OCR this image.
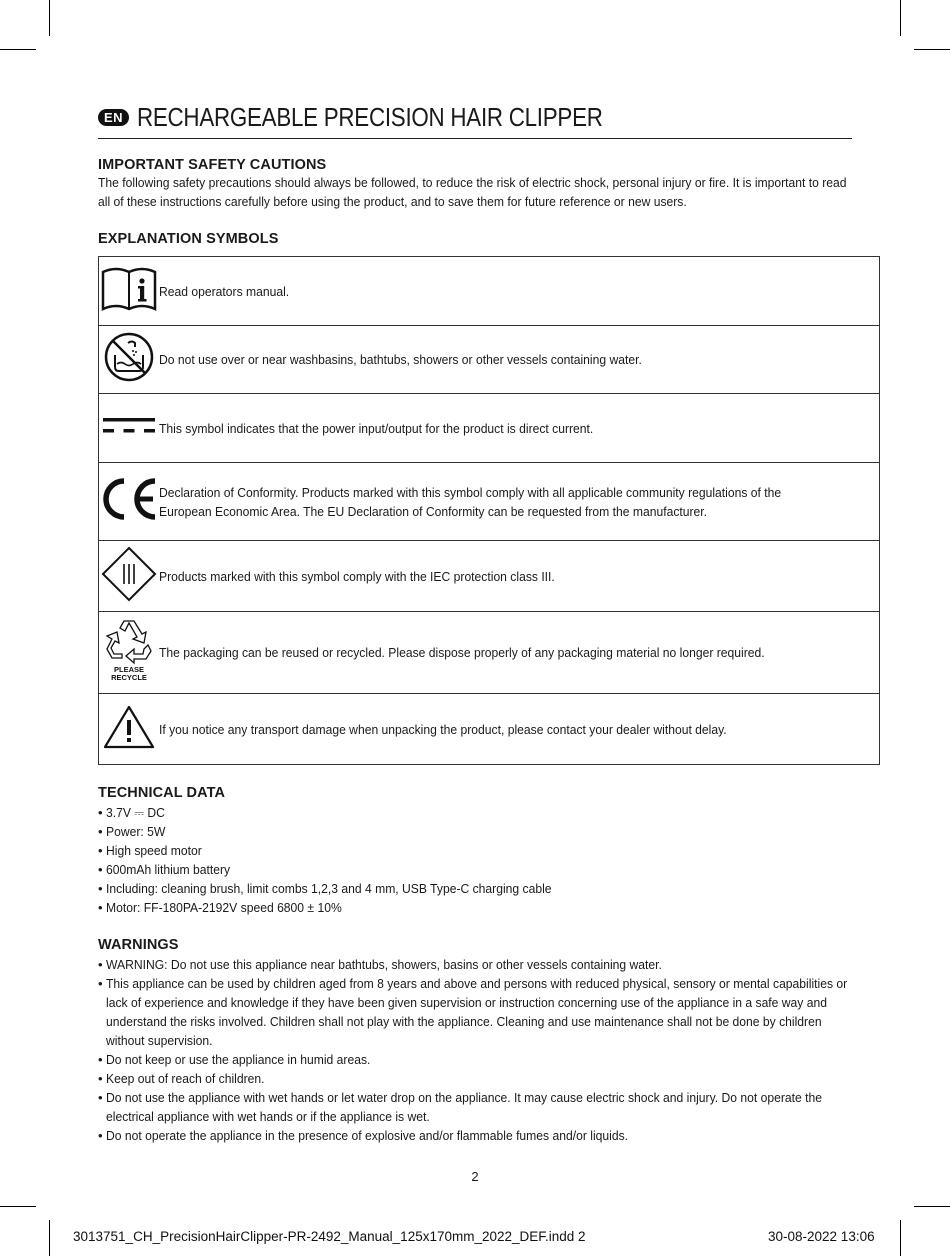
EN RECHARGEABLE PRECISION HAIR CLIPPER
IMPORTANT SAFETY CAUTIONS

The following safety precautions should always be followed, to reduce the risk of electric shock, personal injury or fire. It is important to read all of these instructions carefully before using the product, and to save them for future reference or new users.

EXPLANATION SYMBOLS
	Read operators manual.
	Do not use over or near washbasins, bathtubs, showers or other vessels containing water.
	This symbol indicates that the power input/output for the product is direct current.
	Declaration of Conformity. Products marked with this symbol comply with all applicable community regulations of the European Economic Area. The EU Declaration of Conformity can be requested from the manufacturer.
	Products marked with this symbol comply with the IEC protection class III.

PLEASE
RECYCLE	The packaging can be reused or recycled. Please dispose properly of any packaging material no longer required.
	If you notice any transport damage when unpacking the product, please contact your dealer without delay.
TECHNICAL DATA
• 3.7V ⎓ DC
• Power: 5W
• High speed motor
• 600mAh lithium battery
• Including: cleaning brush, limit combs 1,2,3 and 4 mm, USB Type-C charging cable
• Motor: FF-180PA-2192V speed 6800 ± 10%
WARNINGS
• WARNING: Do not use this appliance near bathtubs, showers, basins or other vessels containing water.
• This appliance can be used by children aged from 8 years and above and persons with reduced physical, sensory or mental capabilities or lack of experience and knowledge if they have been given supervision or instruction concerning use of the appliance in a safe way and understand the risks involved. Children shall not play with the appliance. Cleaning and use maintenance shall not be done by children without supervision.
• Do not keep or use the appliance in humid areas.
• Keep out of reach of children.
• Do not use the appliance with wet hands or let water drop on the appliance. It may cause electric shock and injury. Do not operate the electrical appliance with wet hands or if the appliance is wet.
• Do not operate the appliance in the presence of explosive and/or flammable fumes and/or liquids.
2
3013751_CH_PrecisionHairClipper-PR-2492_Manual_125x170mm_2022_DEF.indd 2	30-08-2022 13:06
